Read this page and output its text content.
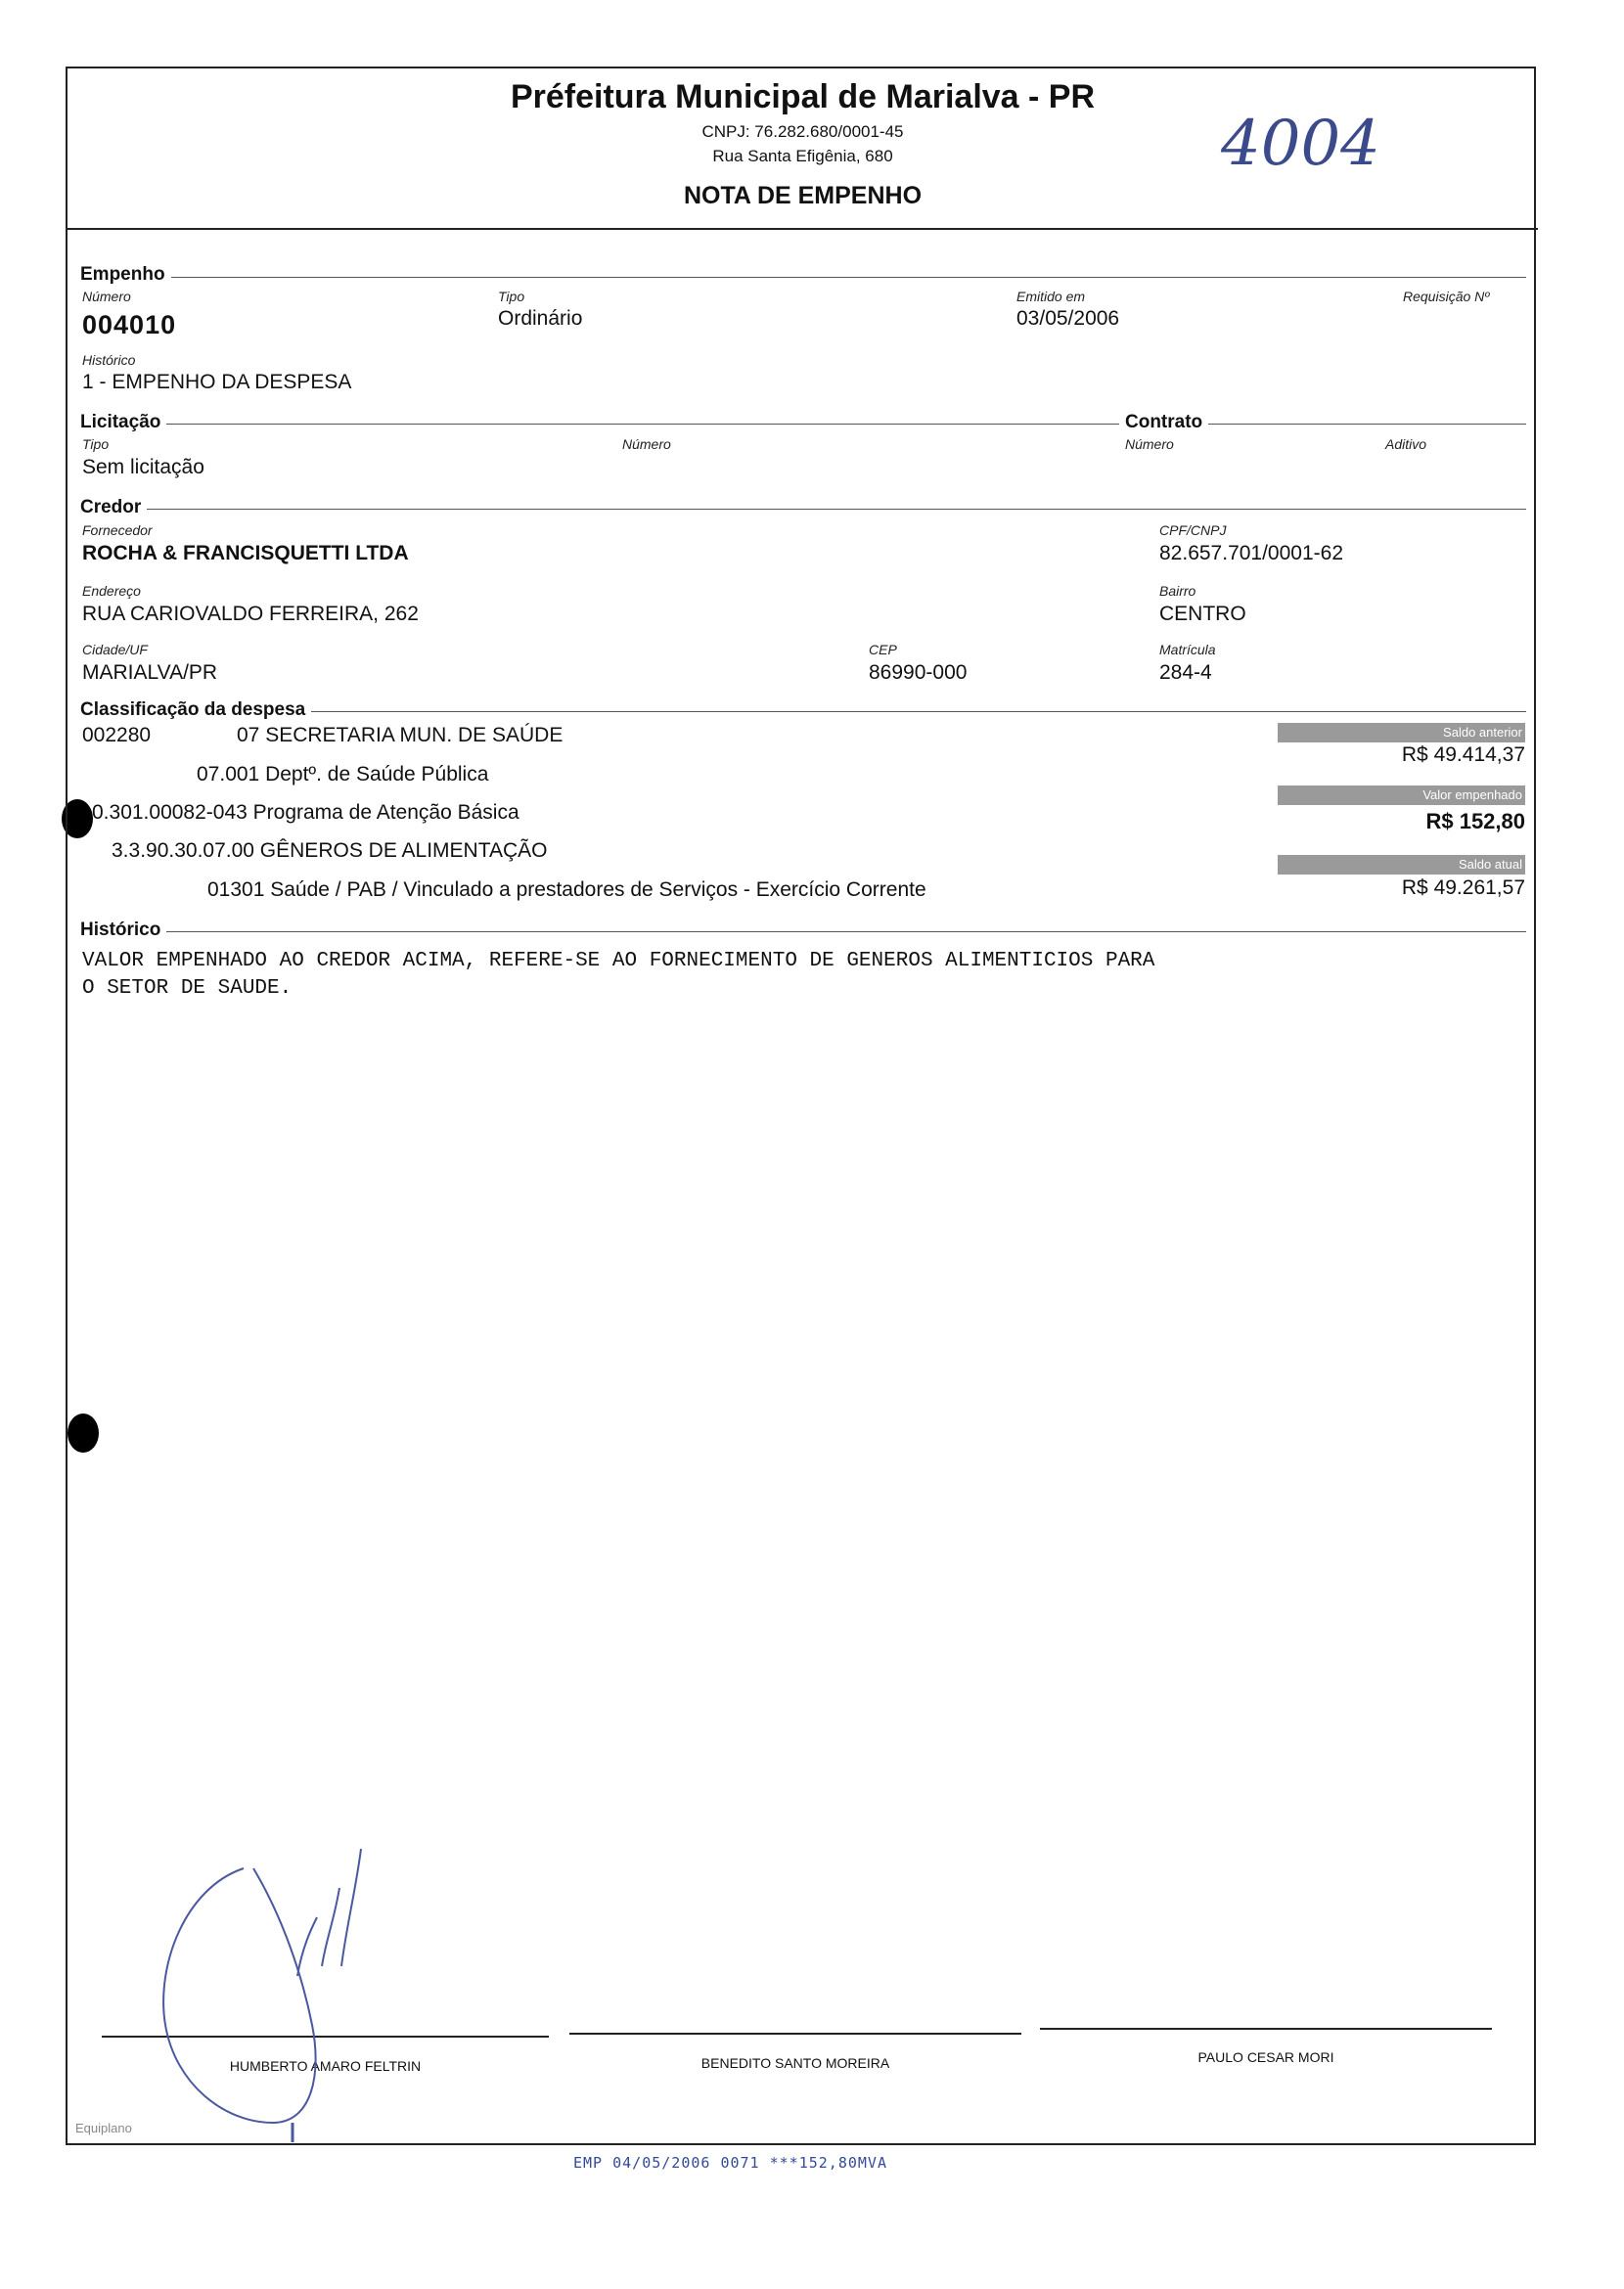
Préfeitura Municipal de Marialva - PR
CNPJ: 76.282.680/0001-45
Rua Santa Efigênia, 680
NOTA DE EMPENHO
4004
Empenho
Número
004010
Tipo
Ordinário
Emitido em
03/05/2006
Requisição Nº
Histórico
1 - EMPENHO DA DESPESA
Licitação	Contrato
Tipo
Sem licitação
Número	Número	Aditivo
Credor
Fornecedor
ROCHA & FRANCISQUETTI LTDA
CPF/CNPJ
82.657.701/0001-62
Endereço
RUA CARIOVALDO FERREIRA, 262
Bairro
CENTRO
Cidade/UF
MARIALVA/PR
CEP
86990-000
Matrícula
284-4
Classificação da despesa
002280	07 SECRETARIA MUN. DE SAÚDE
07.001 Deptº. de Saúde Pública
0.301.00082-043 Programa de Atenção Básica
3.3.90.30.07.00 GÊNEROS DE ALIMENTAÇÃO
01301 Saúde / PAB / Vinculado a prestadores de Serviços - Exercício Corrente
Saldo anterior
R$ 49.414,37
Valor empenhado
R$ 152,80
Saldo atual
R$ 49.261,57
Histórico
VALOR EMPENHADO AO CREDOR ACIMA, REFERE-SE AO FORNECIMENTO DE GENEROS ALIMENTICIOS PARA
O SETOR DE SAUDE.
HUMBERTO AMARO FELTRIN	BENEDITO SANTO MOREIRA	PAULO CESAR MORI
Equiplano
EMP 04/05/2006 0071 ***152,80MVA
